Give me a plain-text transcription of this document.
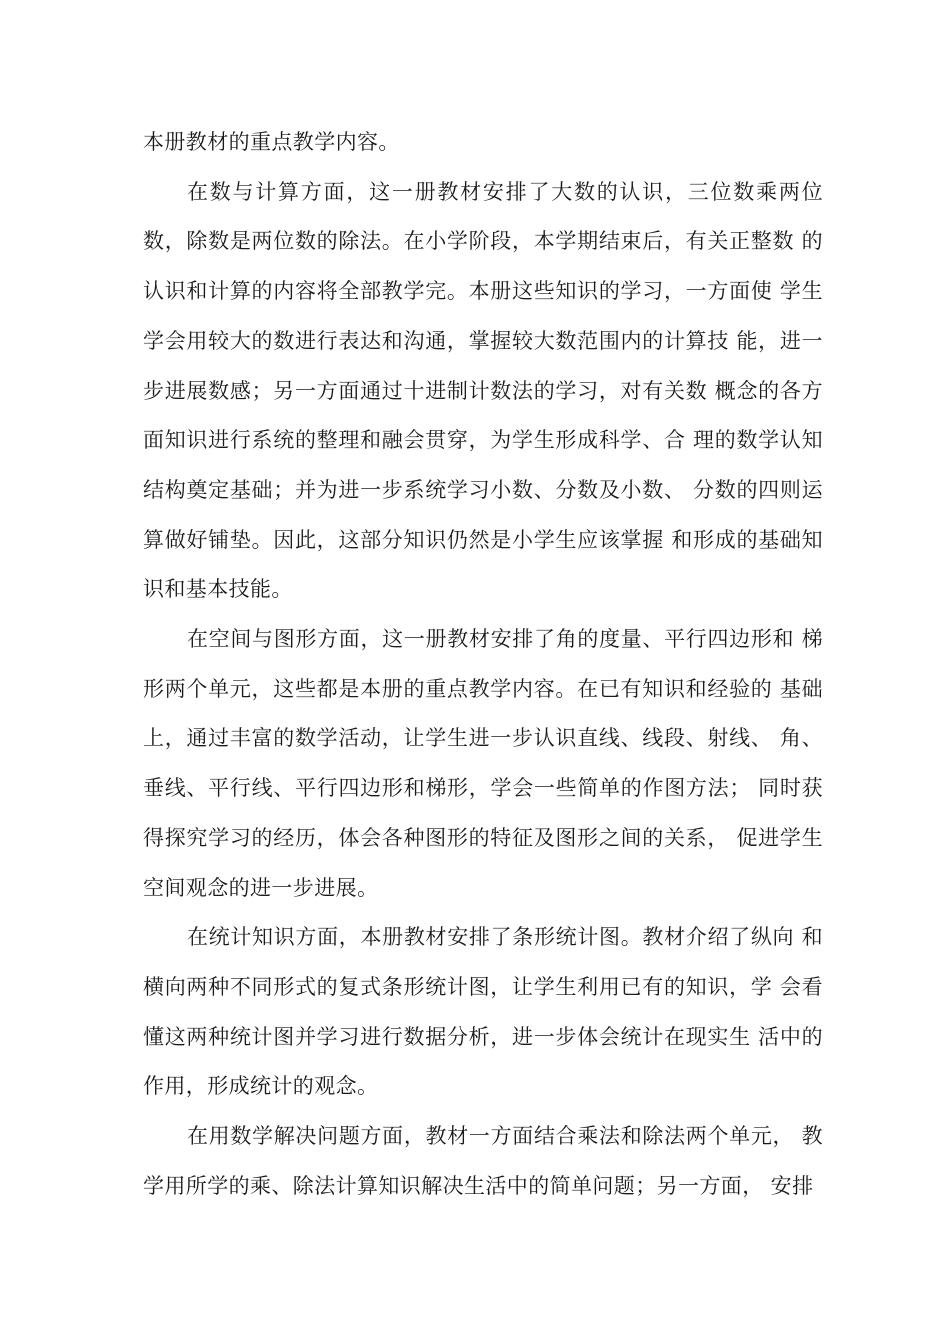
本册教材的重点教学内容。

在数与计算方面，这一册教材安排了大数的认识，三位数乘两位数，除数是两位数的除法。在小学阶段，本学期结束后，有关正整数 的认识和计算的内容将全部教学完。本册这些知识的学习，一方面使 学生学会用较大的数进行表达和沟通，掌握较大数范围内的计算技 能，进一步进展数感；另一方面通过十进制计数法的学习，对有关数 概念的各方面知识进行系统的整理和融会贯穿，为学生形成科学、合 理的数学认知结构奠定基础；并为进一步系统学习小数、分数及小数、 分数的四则运算做好铺垫。因此，这部分知识仍然是小学生应该掌握 和形成的基础知识和基本技能。

在空间与图形方面，这一册教材安排了角的度量、平行四边形和 梯形两个单元，这些都是本册的重点教学内容。在已有知识和经验的 基础上，通过丰富的数学活动，让学生进一步认识直线、线段、射线、 角、垂线、平行线、平行四边形和梯形，学会一些简单的作图方法； 同时获得探究学习的经历，体会各种图形的特征及图形之间的关系， 促进学生空间观念的进一步进展。

在统计知识方面，本册教材安排了条形统计图。教材介绍了纵向 和横向两种不同形式的复式条形统计图，让学生利用已有的知识，学 会看懂这两种统计图并学习进行数据分析，进一步体会统计在现实生 活中的作用，形成统计的观念。

在用数学解决问题方面，教材一方面结合乘法和除法两个单元， 教学用所学的乘、除法计算知识解决生活中的简单问题；另一方面， 安排
